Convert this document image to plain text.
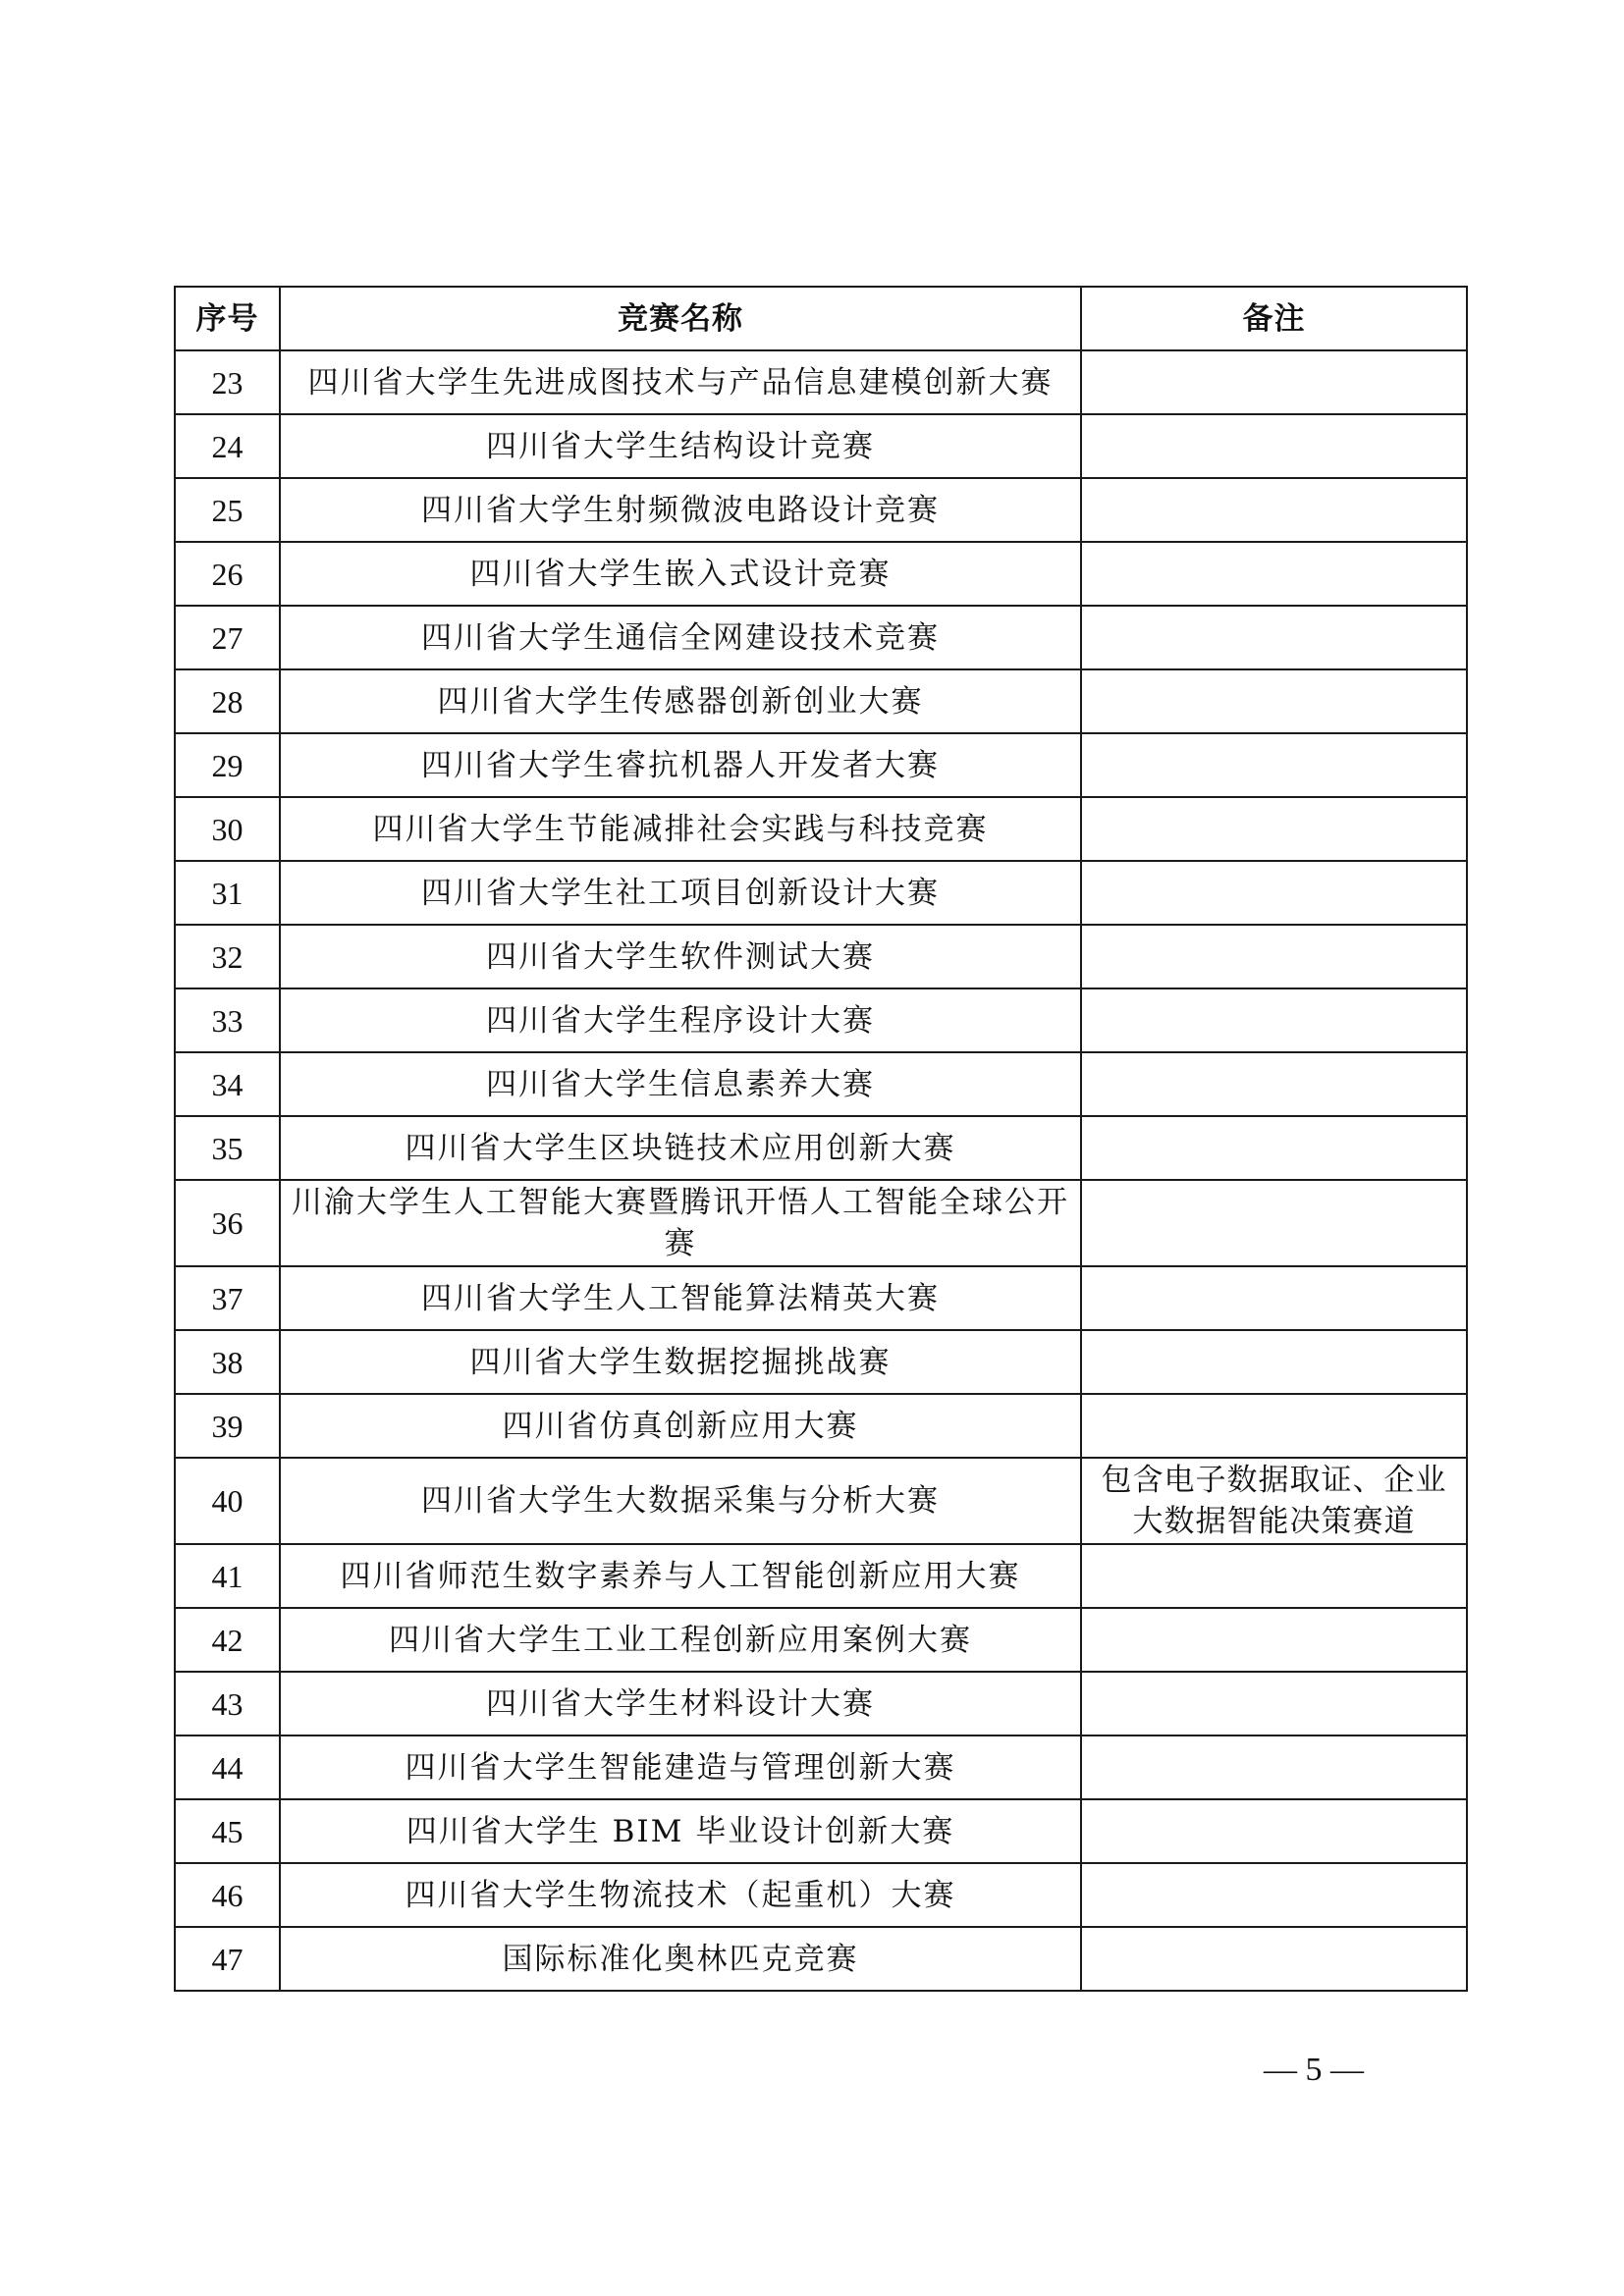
序号	竞赛名称	备注
23	四川省大学生先进成图技术与产品信息建模创新大赛	
24	四川省大学生结构设计竞赛	
25	四川省大学生射频微波电路设计竞赛	
26	四川省大学生嵌入式设计竞赛	
27	四川省大学生通信全网建设技术竞赛	
28	四川省大学生传感器创新创业大赛	
29	四川省大学生睿抗机器人开发者大赛	
30	四川省大学生节能减排社会实践与科技竞赛	
31	四川省大学生社工项目创新设计大赛	
32	四川省大学生软件测试大赛	
33	四川省大学生程序设计大赛	
34	四川省大学生信息素养大赛	
35	四川省大学生区块链技术应用创新大赛	
36	川渝大学生人工智能大赛暨腾讯开悟人工智能全球公开赛	
37	四川省大学生人工智能算法精英大赛	
38	四川省大学生数据挖掘挑战赛	
39	四川省仿真创新应用大赛	
40	四川省大学生大数据采集与分析大赛	包含电子数据取证、企业大数据智能决策赛道
41	四川省师范生数字素养与人工智能创新应用大赛	
42	四川省大学生工业工程创新应用案例大赛	
43	四川省大学生材料设计大赛	
44	四川省大学生智能建造与管理创新大赛	
45	四川省大学生 BIM 毕业设计创新大赛	
46	四川省大学生物流技术（起重机）大赛	
47	国际标准化奥林匹克竞赛	
— 5 —
